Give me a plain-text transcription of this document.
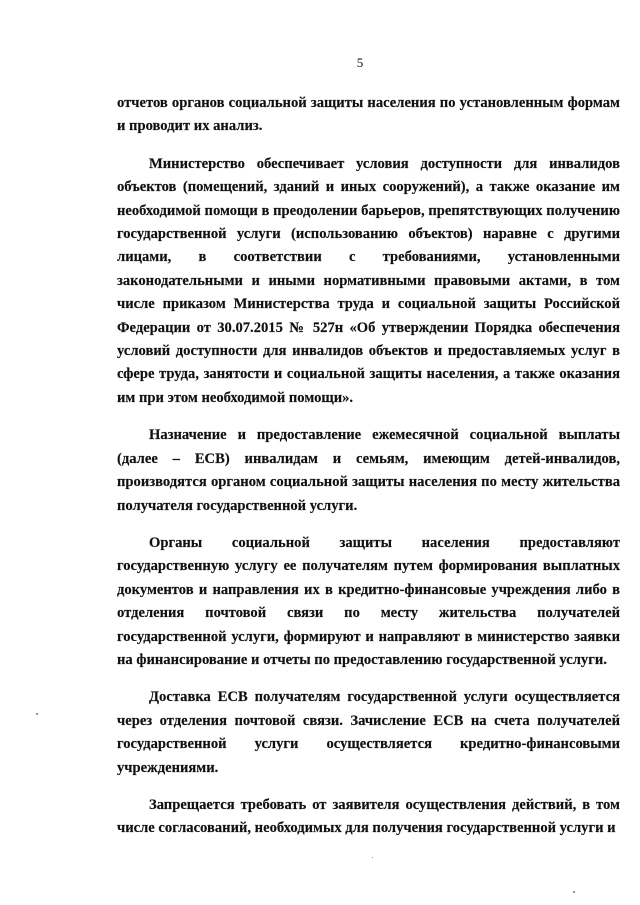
5

отчетов органов социальной защиты населения по установленным формам и проводит их анализ.

Министерство обеспечивает условия доступности для инвалидов объектов (помещений, зданий и иных сооружений), а также оказание им необходимой помощи в преодолении барьеров, препятствующих получению государственной услуги (использованию объектов) наравне с другими лицами, в соответствии с требованиями, установленными законодательными и иными нормативными правовыми актами, в том числе приказом Министерства труда и социальной защиты Российской Федерации от 30.07.2015 № 527н «Об утверждении Порядка обеспечения условий доступности для инвалидов объектов и предоставляемых услуг в сфере труда, занятости и социальной защиты населения, а также оказания им при этом необходимой помощи».

Назначение и предоставление ежемесячной социальной выплаты (далее – ЕСВ) инвалидам и семьям, имеющим детей-инвалидов, производятся органом социальной защиты населения по месту жительства получателя государственной услуги.

Органы социальной защиты населения предоставляют государственную услугу ее получателям путем формирования выплатных документов и направления их в кредитно-финансовые учреждения либо в отделения почтовой связи по месту жительства получателей государственной услуги, формируют и направляют в министерство заявки на финансирование и отчеты по предоставлению государственной услуги.

Доставка ЕСВ получателям государственной услуги осуществляется через отделения почтовой связи. Зачисление ЕСВ на счета получателей государственной услуги осуществляется кредитно-финансовыми учреждениями.

Запрещается требовать от заявителя осуществления действий, в том числе согласований, необходимых для получения государственной услуги и
